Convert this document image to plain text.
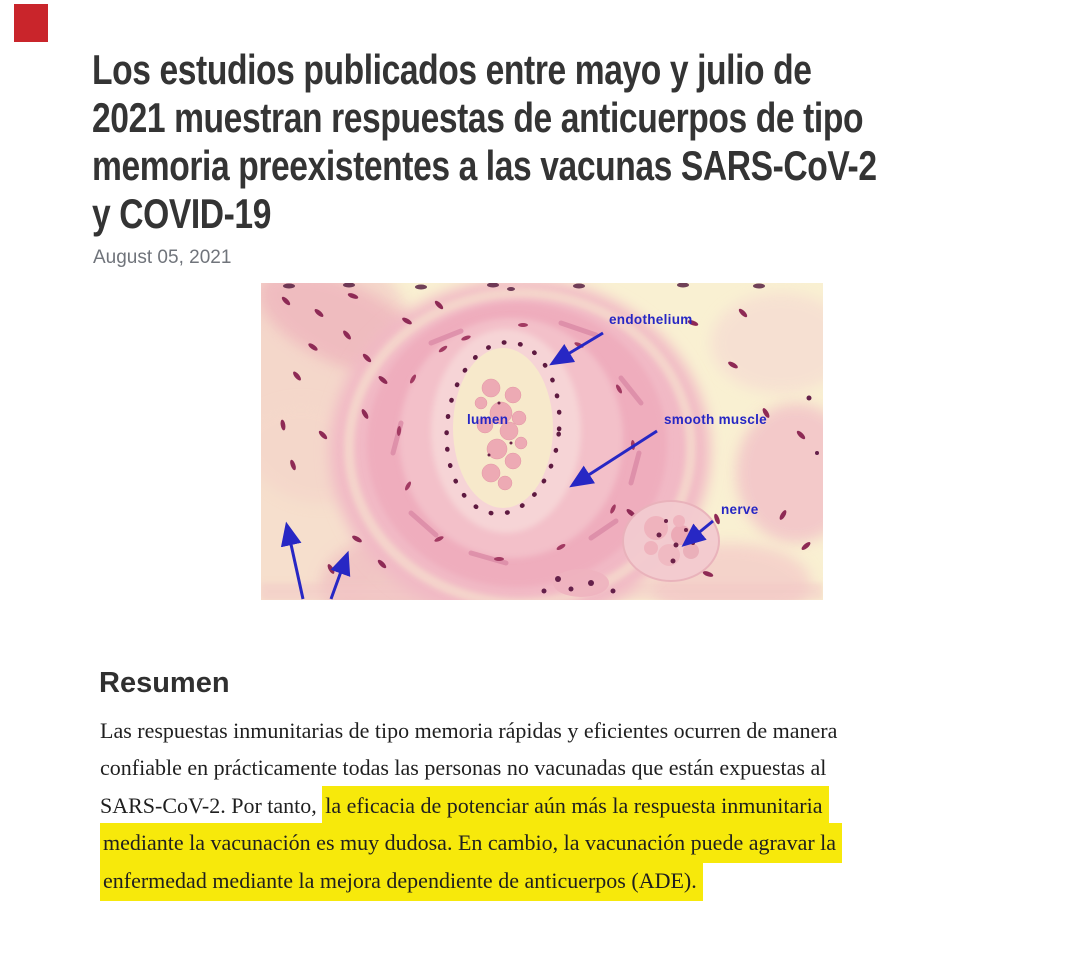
Los estudios publicados entre mayo y julio de
2021 muestran respuestas de anticuerpos de tipo
memoria preexistentes a las vacunas SARS-CoV-2
y COVID-19
August 05, 2021
endothelium
lumen	smooth muscle
nerve
Resumen
Las respuestas inmunitarias de tipo memoria rápidas y eficientes ocurren de manera
confiable en prácticamente todas las personas no vacunadas que están expuestas al
SARS-CoV-2. Por tanto, la eficacia de potenciar aún más la respuesta inmunitaria
mediante la vacunación es muy dudosa. En cambio, la vacunación puede agravar la
enfermedad mediante la mejora dependiente de anticuerpos (ADE).
